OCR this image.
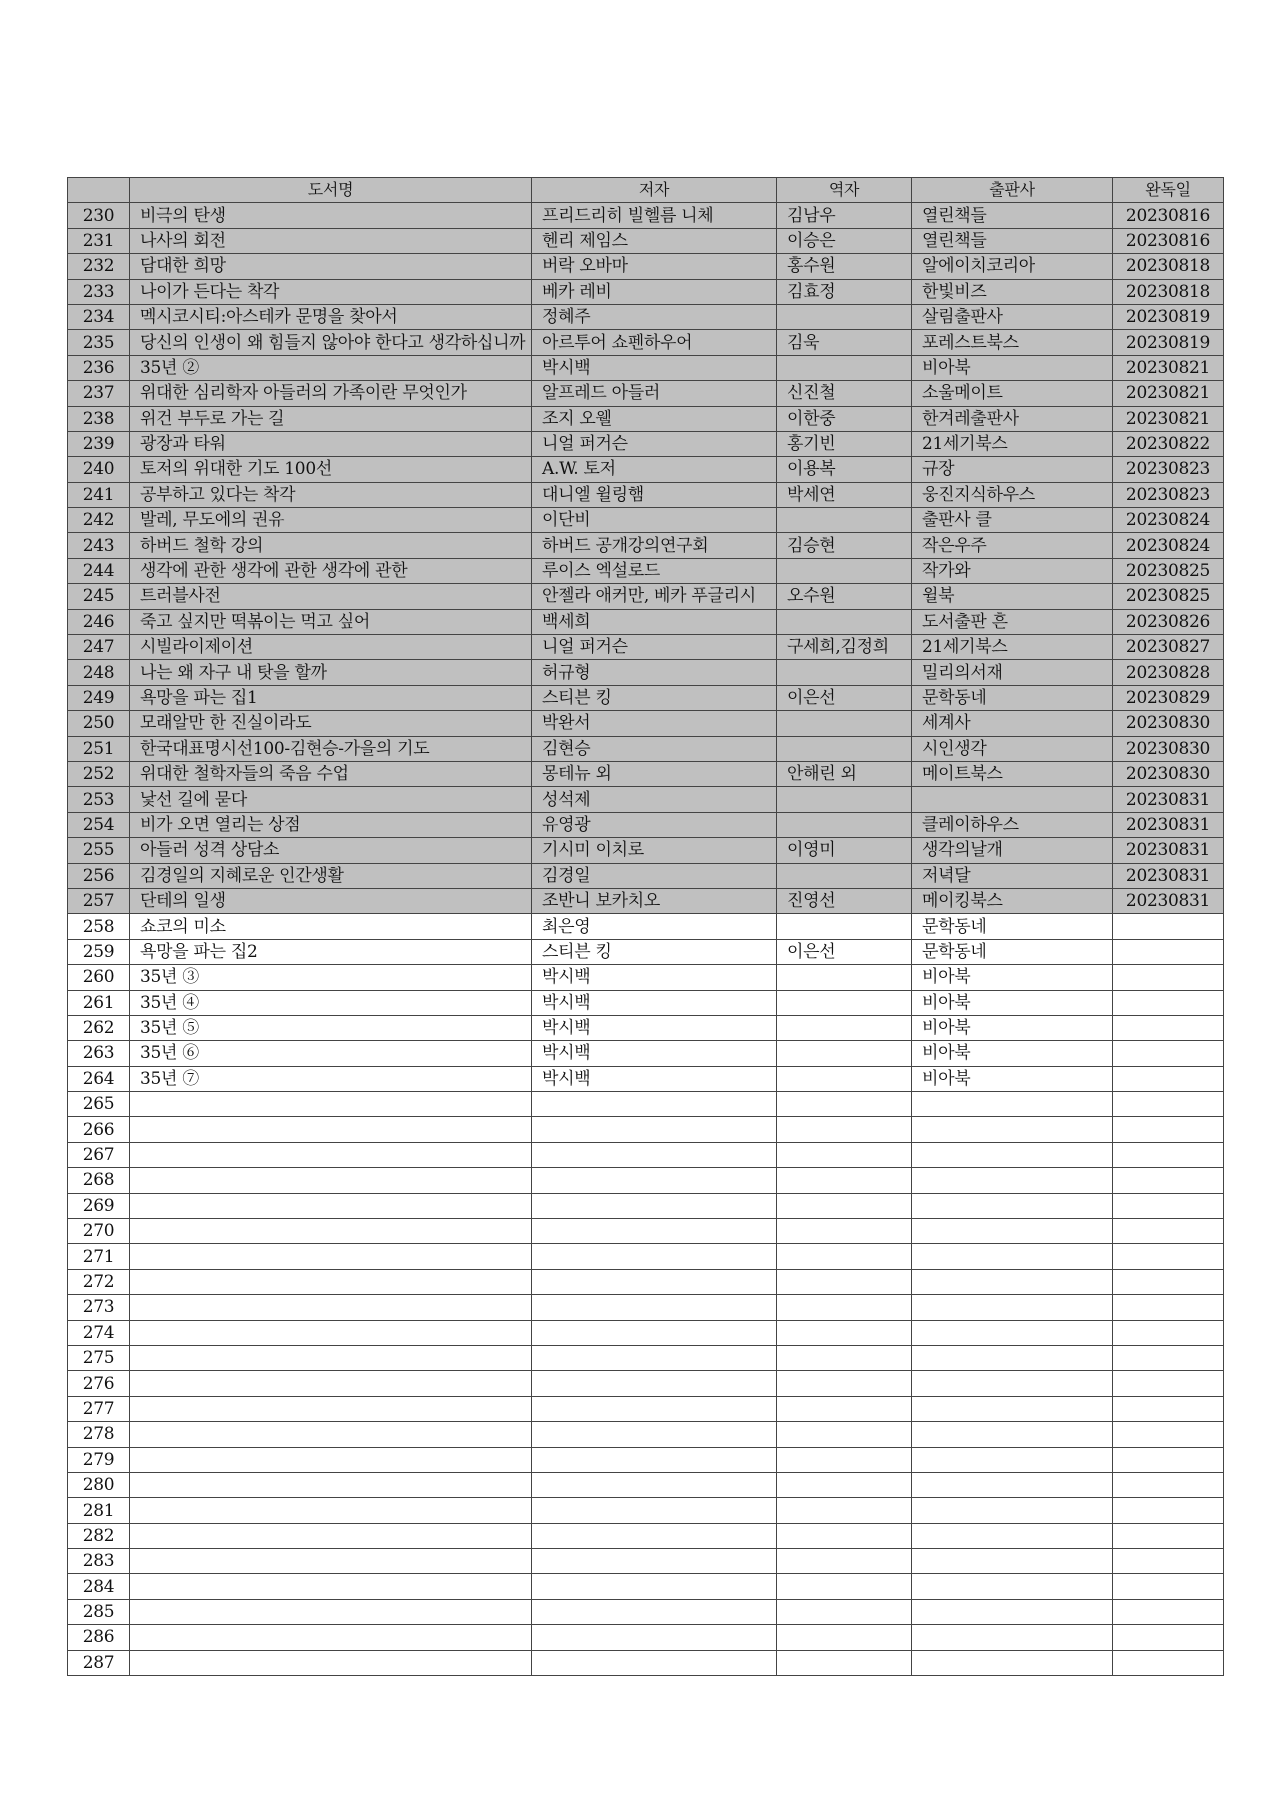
	도서명	저자	역자	출판사	완독일
230	비극의 탄생	프리드리히 빌헬름 니체	김남우	열린책들	20230816
231	나사의 회전	헨리 제임스	이승은	열린책들	20230816
232	담대한 희망	버락 오바마	홍수원	알에이치코리아	20230818
233	나이가 든다는 착각	베카 레비	김효정	한빛비즈	20230818
234	멕시코시티:아스테카 문명을 찾아서	정혜주		살림출판사	20230819
235	당신의 인생이 왜 힘들지 않아야 한다고 생각하십니까	아르투어 쇼펜하우어	김욱	포레스트북스	20230819
236	35년 ②	박시백		비아북	20230821
237	위대한 심리학자 아들러의 가족이란 무엇인가	알프레드 아들러	신진철	소울메이트	20230821
238	위건 부두로 가는 길	조지 오웰	이한중	한겨레출판사	20230821
239	광장과 타워	니얼 퍼거슨	홍기빈	21세기북스	20230822
240	토저의 위대한 기도 100선	A.W. 토저	이용복	규장	20230823
241	공부하고 있다는 착각	대니엘 윌링햄	박세연	웅진지식하우스	20230823
242	발레, 무도에의 권유	이단비		출판사 클	20230824
243	하버드 철학 강의	하버드 공개강의연구회	김승현	작은우주	20230824
244	생각에 관한 생각에 관한 생각에 관한	루이스 엑설로드		작가와	20230825
245	트러블사전	안젤라 애커만, 베카 푸글리시	오수원	윌북	20230825
246	죽고 싶지만 떡볶이는 먹고 싶어	백세희		도서출판 흔	20230826
247	시빌라이제이션	니얼 퍼거슨	구세희,김정희	21세기북스	20230827
248	나는 왜 자구 내 탓을 할까	허규형		밀리의서재	20230828
249	욕망을 파는 집1	스티븐 킹	이은선	문학동네	20230829
250	모래알만 한 진실이라도	박완서		세계사	20230830
251	한국대표명시선100-김현승-가을의 기도	김현승		시인생각	20230830
252	위대한 철학자들의 죽음 수업	몽테뉴 외	안해린 외	메이트북스	20230830
253	낯선 길에 묻다	성석제			20230831
254	비가 오면 열리는 상점	유영광		클레이하우스	20230831
255	아들러 성격 상담소	기시미 이치로	이영미	생각의날개	20230831
256	김경일의 지혜로운 인간생활	김경일		저녁달	20230831
257	단테의 일생	조반니 보카치오	진영선	메이킹북스	20230831
258	쇼코의 미소	최은영		문학동네	
259	욕망을 파는 집2	스티븐 킹	이은선	문학동네	
260	35년 ③	박시백		비아북	
261	35년 ④	박시백		비아북	
262	35년 ⑤	박시백		비아북	
263	35년 ⑥	박시백		비아북	
264	35년 ⑦	박시백		비아북	
265					
266					
267					
268					
269					
270					
271					
272					
273					
274					
275					
276					
277					
278					
279					
280					
281					
282					
283					
284					
285					
286					
287					
